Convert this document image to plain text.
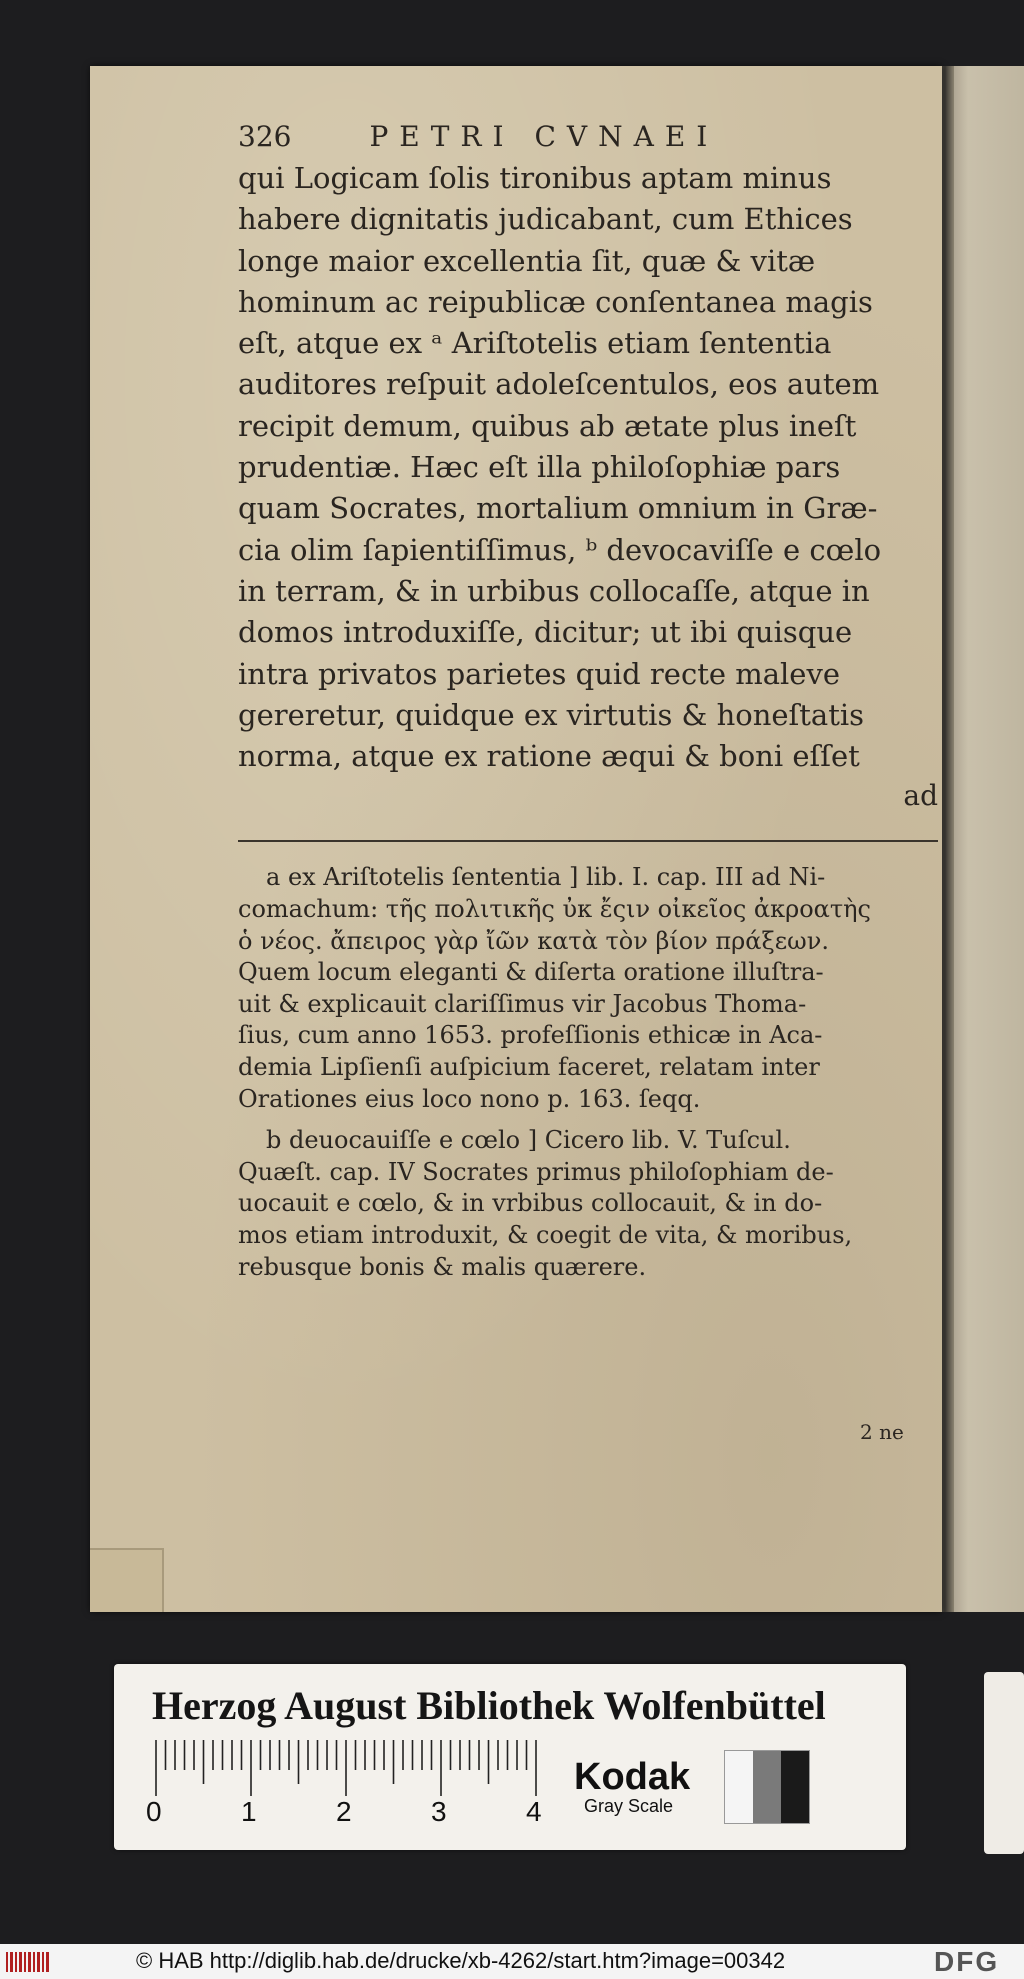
326	PETRI CVNAEI
qui Logicam ſolis tironibus aptam minus
habere dignitatis judicabant, cum Ethices
longe maior excellentia ſit, quæ & vitæ
hominum ac reipublicæ conſentanea magis
eſt, atque ex ᵃ Ariſtotelis etiam ſententia
auditores reſpuit adoleſcentulos, eos autem
recipit demum, quibus ab ætate plus ineſt
prudentiæ. Hæc eſt illa philoſophiæ pars
quam Socrates, mortalium omnium in Græ-
cia olim ſapientiſſimus, ᵇ devocaviſſe e cœlo
in terram, & in urbibus collocaſſe, atque in
domos introduxiſſe, dicitur; ut ibi quisque
intra privatos parietes quid recte maleve
gereretur, quidque ex virtutis & honeſtatis
norma, atque ex ratione æqui & boni eſſet
ad
a ex Ariſtotelis ſententia ] lib. I. cap. III ad Ni-
comachum: τῆς πολιτικῆς ὐκ ἔςιν οἰκεῖος ἀκροατὴς
ὁ νέος. ἄπειρος γὰρ ἴῶν κατὰ τὸν βίον πράξεων.
Quem locum eleganti & diſerta oratione illuſtra-
uit & explicauit clariſſimus vir Jacobus Thoma-
ſius, cum anno 1653. profeſſionis ethicæ in Aca-
demia Lipſienſi auſpicium faceret, relatam inter
Orationes eius loco nono p. 163. ſeqq.
b deuocauiſſe e cœlo ] Cicero lib. V. Tuſcul.
Quæſt. cap. IV Socrates primus philoſophiam de-
uocauit e cœlo, & in vrbibus collocauit, & in do-
mos etiam introduxit, & coegit de vita, & moribus,
rebusque bonis & malis quærere.
2 ne
Herzog August Bibliothek Wolfenbüttel
0	1	2	3	4
Kodak
Gray Scale
© HAB http://diglib.hab.de/drucke/xb-4262/start.htm?image=00342	DFG
